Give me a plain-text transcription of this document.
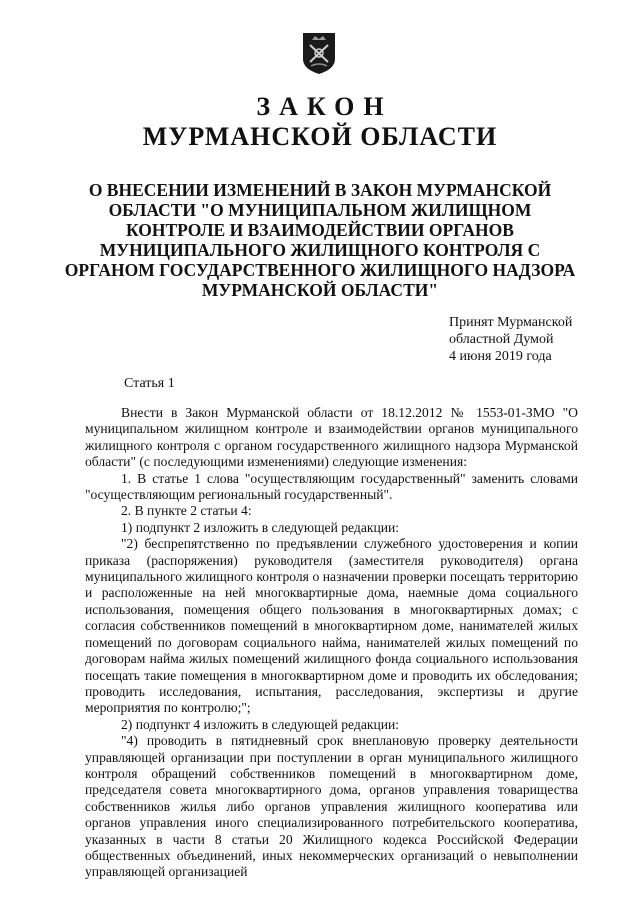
ЗАКОН
МУРМАНСКОЙ ОБЛАСТИ
О ВНЕСЕНИИ ИЗМЕНЕНИЙ В ЗАКОН МУРМАНСКОЙ ОБЛАСТИ "О МУНИЦИПАЛЬНОМ ЖИЛИЩНОМ КОНТРОЛЕ И ВЗАИМОДЕЙСТВИИ ОРГАНОВ МУНИЦИПАЛЬНОГО ЖИЛИЩНОГО КОНТРОЛЯ С ОРГАНОМ ГОСУДАРСТВЕННОГО ЖИЛИЩНОГО НАДЗОРА МУРМАНСКОЙ ОБЛАСТИ"
Принят Мурманской
областной Думой
4 июня 2019 года
Статья 1

Внести в Закон Мурманской области от 18.12.2012 № 1553-01-ЗМО "О муниципальном жилищном контроле и взаимодействии органов муниципального жилищного контроля с органом государственного жилищного надзора Мурманской области" (с последующими изменениями) следующие изменения:

1. В статье 1 слова "осуществляющим государственный" заменить словами "осуществляющим региональный государственный".

2. В пункте 2 статьи 4:

1) подпункт 2 изложить в следующей редакции:

"2) беспрепятственно по предъявлении служебного удостоверения и копии приказа (распоряжения) руководителя (заместителя руководителя) органа муниципального жилищного контроля о назначении проверки посещать территорию и расположенные на ней многоквартирные дома, наемные дома социального использования, помещения общего пользования в многоквартирных домах; с согласия собственников помещений в многоквартирном доме, нанимателей жилых помещений по договорам социального найма, нанимателей жилых помещений по договорам найма жилых помещений жилищного фонда социального использования посещать такие помещения в многоквартирном доме и проводить их обследования; проводить исследования, испытания, расследования, экспертизы и другие мероприятия по контролю;";

2) подпункт 4 изложить в следующей редакции:

"4) проводить в пятидневный срок внеплановую проверку деятельности управляющей организации при поступлении в орган муниципального жилищного контроля обращений собственников помещений в многоквартирном доме, председателя совета многоквартирного дома, органов управления товарищества собственников жилья либо органов управления жилищного кооператива или органов управления иного специализированного потребительского кооператива, указанных в части 8 статьи 20 Жилищного кодекса Российской Федерации общественных объединений, иных некоммерческих организаций о невыполнении управляющей организацией
